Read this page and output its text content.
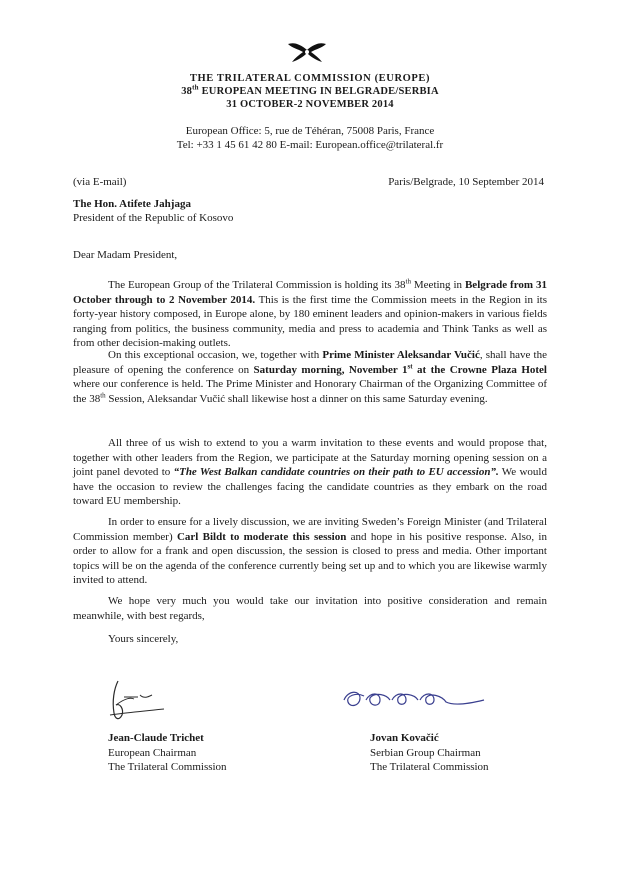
THE TRILATERAL COMMISSION (EUROPE)
38th EUROPEAN MEETING IN BELGRADE/SERBIA
31 OCTOBER-2 NOVEMBER 2014
European Office: 5, rue de Téhéran, 75008 Paris, France
Tel: +33 1 45 61 42 80 E-mail: European.office@trilateral.fr
(via E-mail)	Paris/Belgrade, 10 September 2014
The Hon. Atifete Jahjaga
President of the Republic of Kosovo
Dear Madam President,

The European Group of the Trilateral Commission is holding its 38th Meeting in Belgrade from 31 October through to 2 November 2014. This is the first time the Commission meets in the Region in its forty-year history composed, in Europe alone, by 180 eminent leaders and opinion-makers in various fields ranging from politics, the business community, media and press to academia and Think Tanks as well as from other decision-making outlets.

On this exceptional occasion, we, together with Prime Minister Aleksandar Vučić, shall have the pleasure of opening the conference on Saturday morning, November 1st at the Crowne Plaza Hotel where our conference is held. The Prime Minister and Honorary Chairman of the Organizing Committee of the 38th Session, Aleksandar Vučić shall likewise host a dinner on this same Saturday evening.

All three of us wish to extend to you a warm invitation to these events and would propose that, together with other leaders from the Region, we participate at the Saturday morning opening session on a joint panel devoted to “The West Balkan candidate countries on their path to EU accession”. We would have the occasion to review the challenges facing the candidate countries as they embark on the road toward EU membership.

In order to ensure for a lively discussion, we are inviting Sweden’s Foreign Minister (and Trilateral Commission member) Carl Bildt to moderate this session and hope in his positive response. Also, in order to allow for a frank and open discussion, the session is closed to press and media. Other important topics will be on the agenda of the conference currently being set up and to which you are likewise warmly invited to attend.

We hope very much you would take our invitation into positive consideration and remain meanwhile, with best regards,

Yours sincerely,
Jean-Claude Trichet
European Chairman
The Trilateral Commission
Jovan Kovačić
Serbian Group Chairman
The Trilateral Commission
